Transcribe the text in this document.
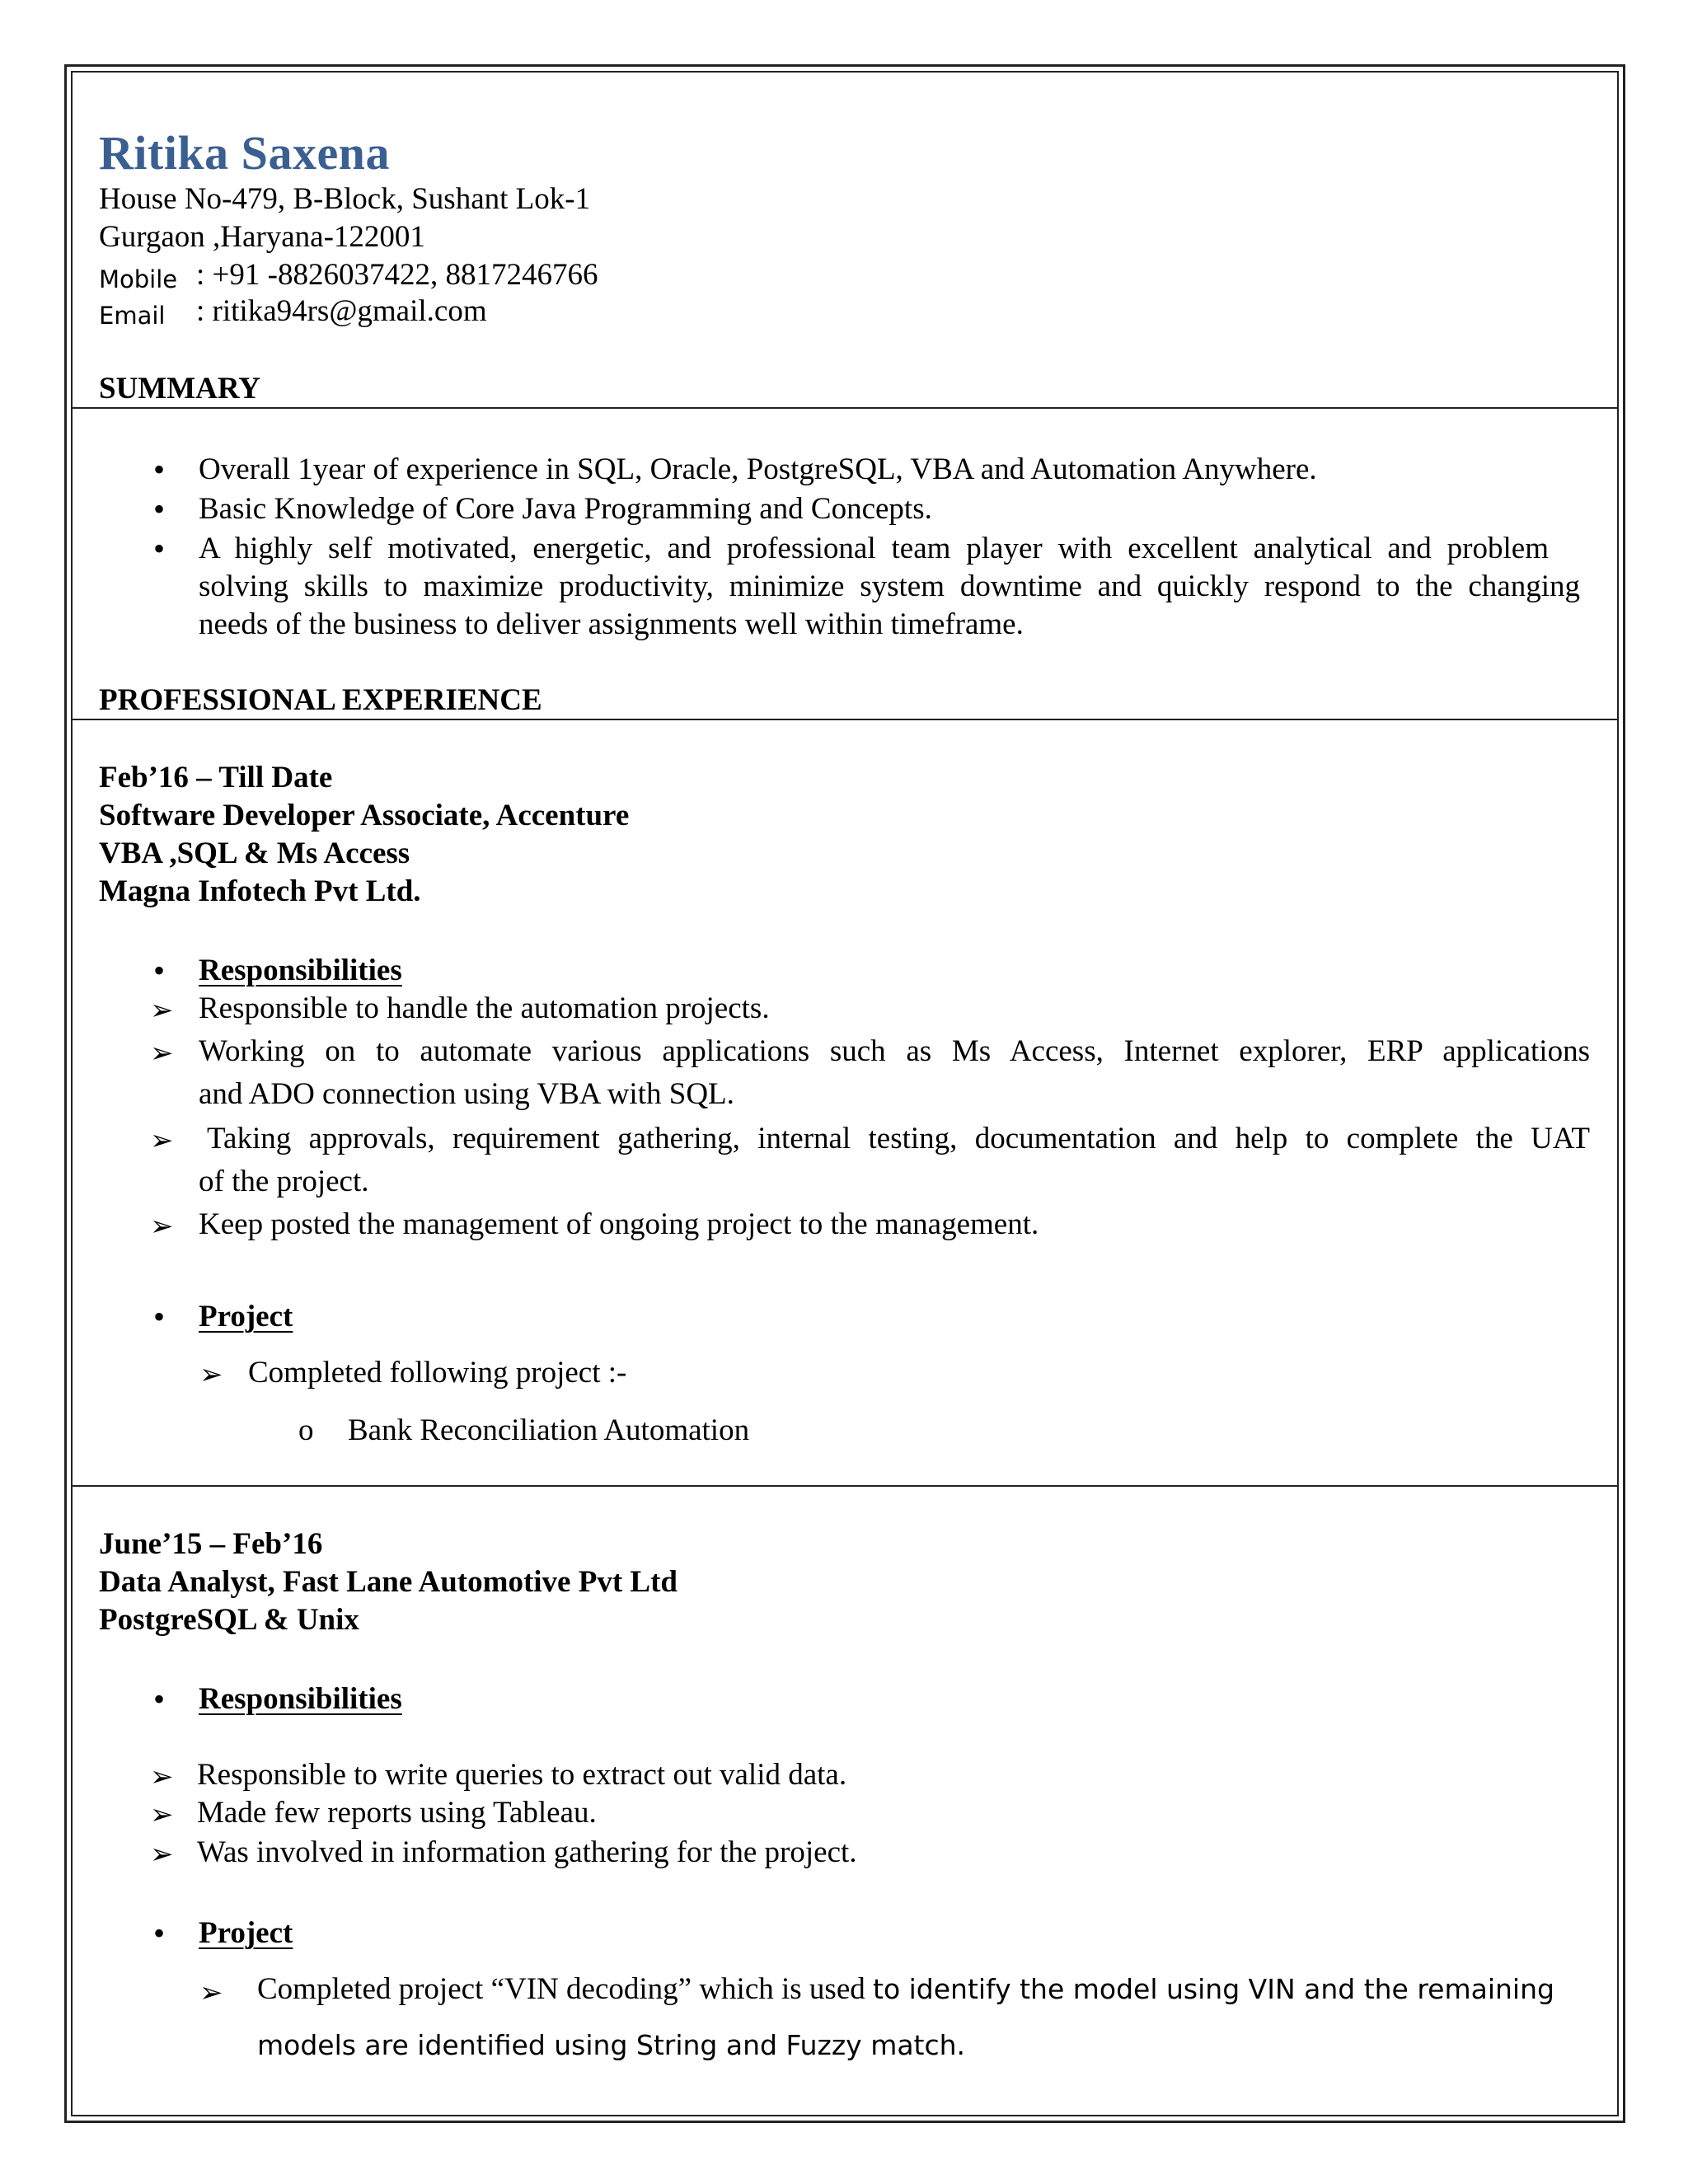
Ritika Saxena
House No-479, B-Block, Sushant Lok-1
Gurgaon ,Haryana-122001
Mobile : +91 -8826037422, 8817246766
Email : ritika94rs@gmail.com
SUMMARY
• Overall 1year of experience in SQL, Oracle, PostgreSQL, VBA and Automation Anywhere.
• Basic Knowledge of Core Java Programming and Concepts.
• A highly self motivated, energetic, and professional team player with excellent analytical and problem
solving skills to maximize productivity, minimize system downtime and quickly respond to the changing
needs of the business to deliver assignments well within timeframe.
PROFESSIONAL EXPERIENCE
Feb’16 – Till Date
Software Developer Associate, Accenture
VBA ,SQL & Ms Access
Magna Infotech Pvt Ltd.
• Responsibilities
➢ Responsible to handle the automation projects.
➢ Working on to automate various applications such as Ms Access, Internet explorer, ERP applications
and ADO connection using VBA with SQL.
➢ Taking approvals, requirement gathering, internal testing, documentation and help to complete the UAT
of the project.
➢ Keep posted the management of ongoing project to the management.
• Project
➢ Completed following project :-
o Bank Reconciliation Automation
June’15 – Feb’16
Data Analyst, Fast Lane Automotive Pvt Ltd
PostgreSQL & Unix
• Responsibilities
➢ Responsible to write queries to extract out valid data.
➢ Made few reports using Tableau.
➢ Was involved in information gathering for the project.
• Project
➢ Completed project “VIN decoding” which is used to identify the model using VIN and the remaining
models are identified using String and Fuzzy match.
